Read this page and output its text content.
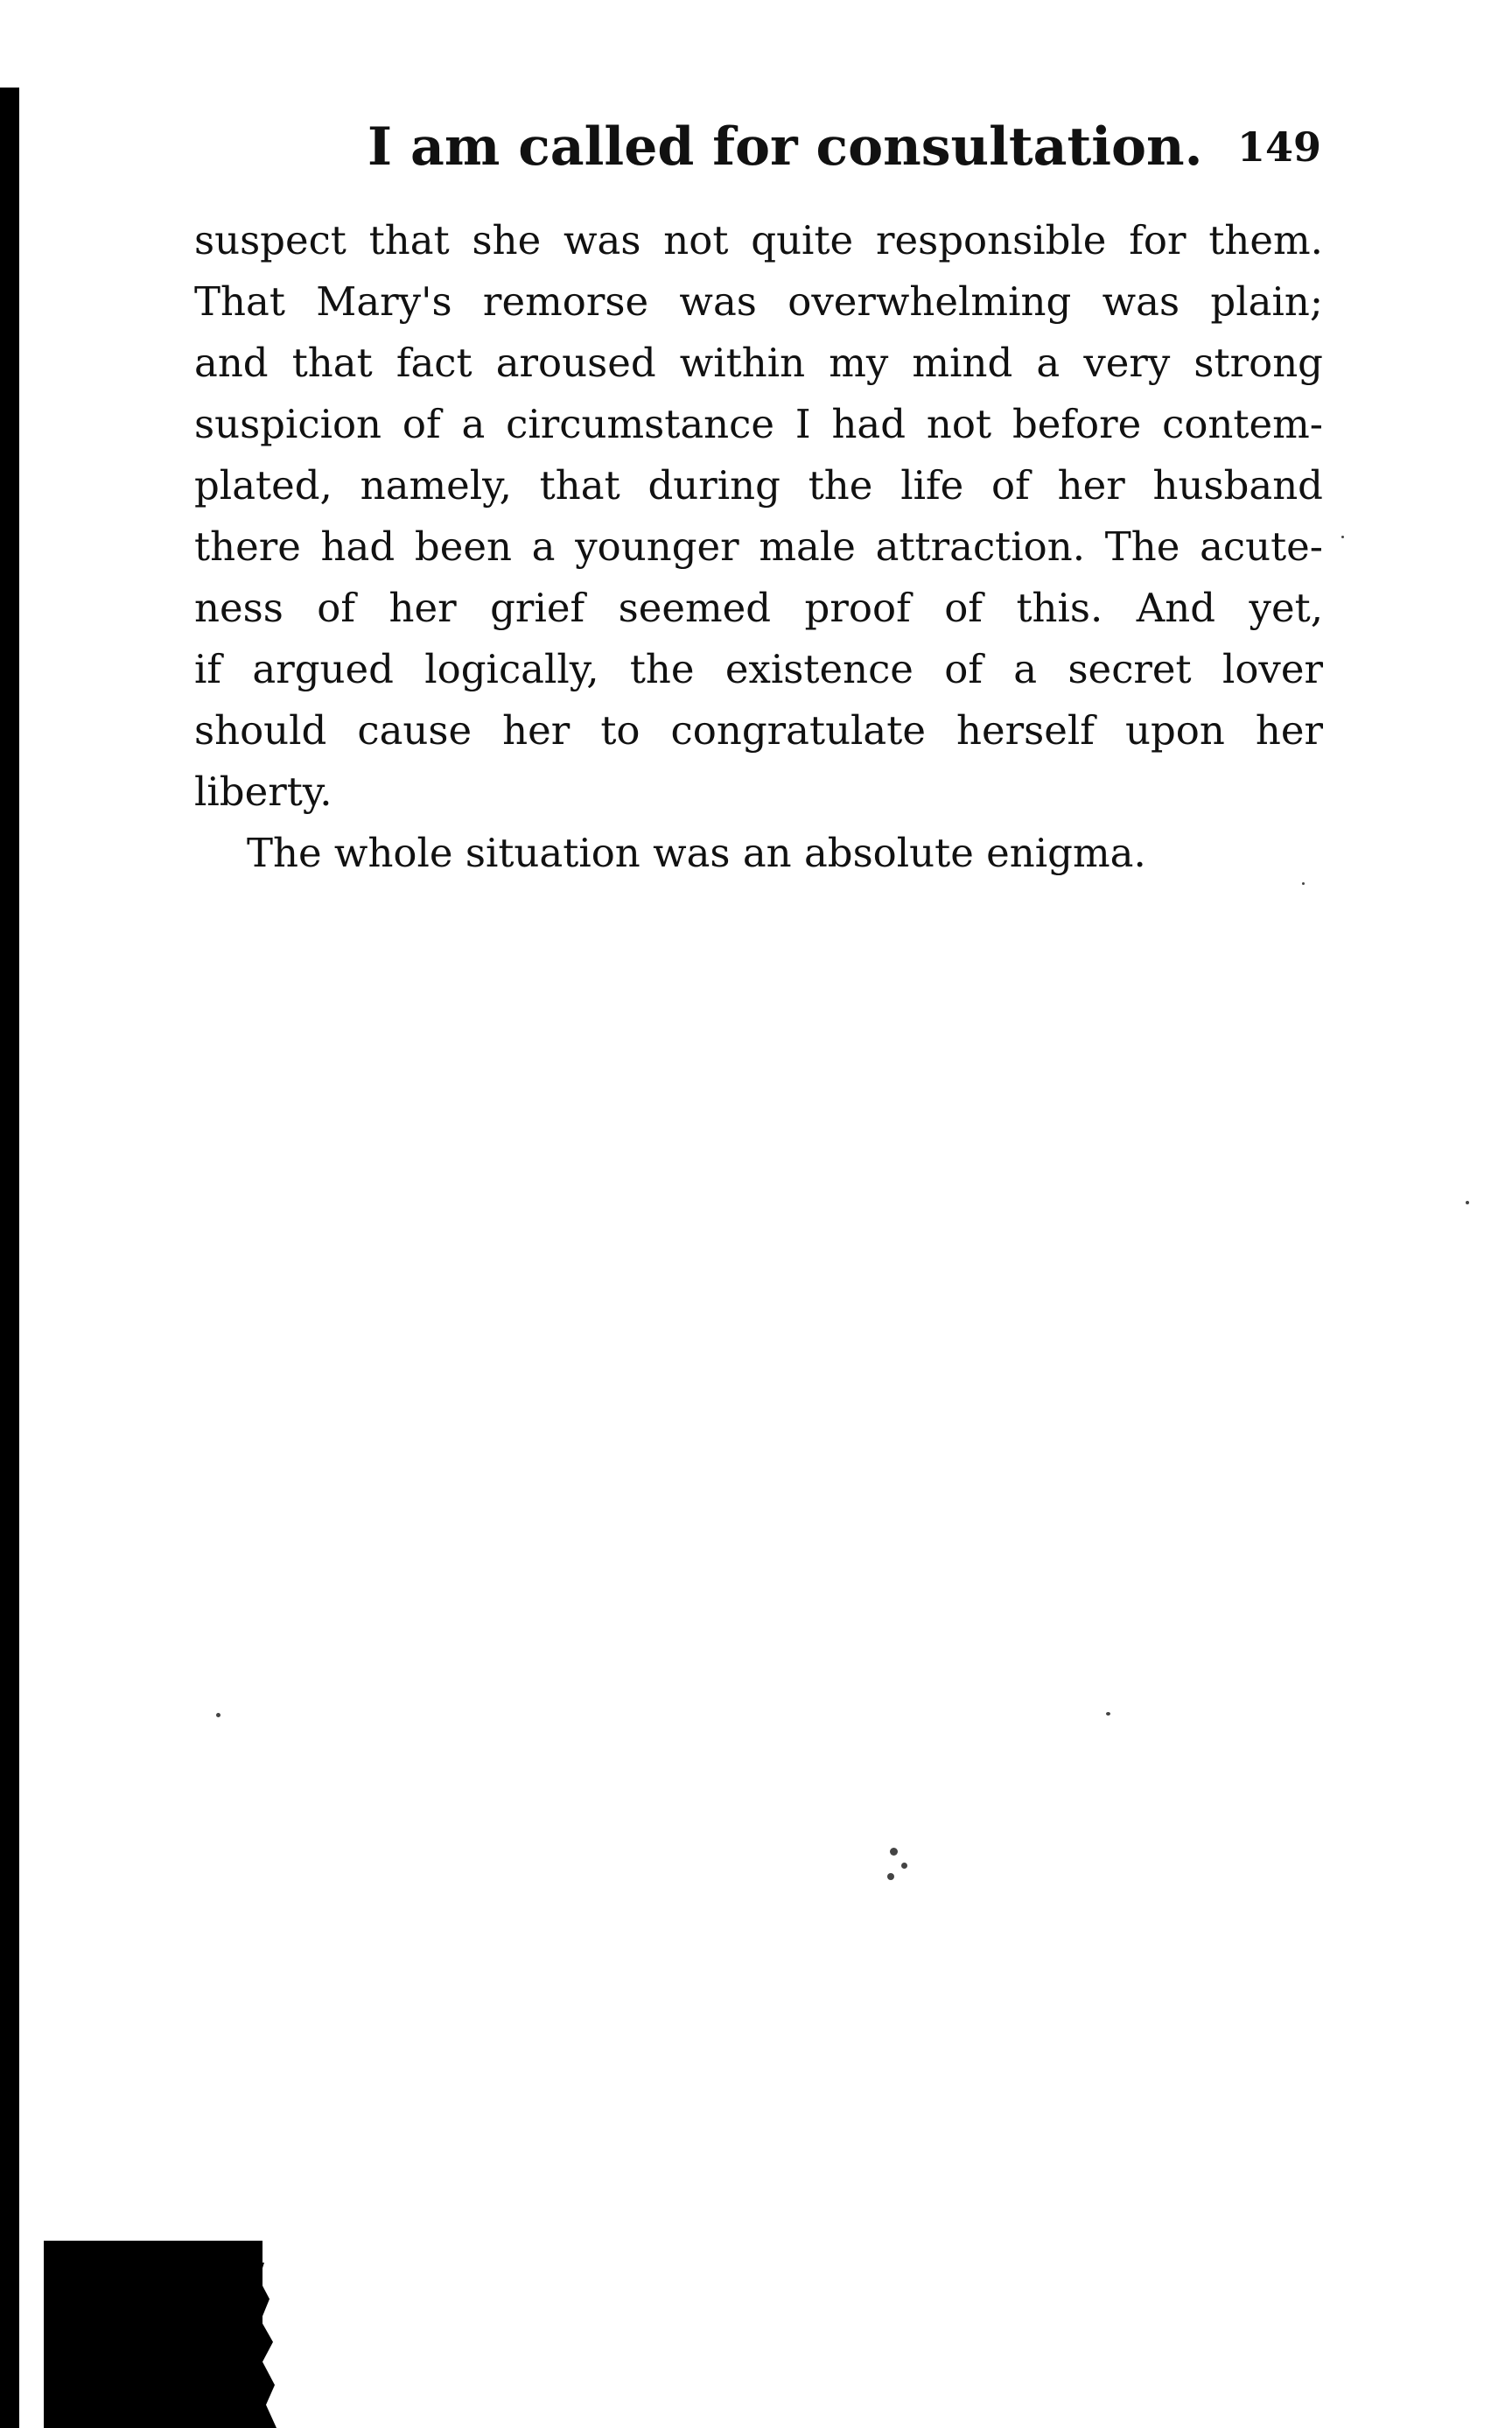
I am called for consultation. 149
suspect that she was not quite responsible for them.
That Mary's remorse was overwhelming was plain;
and that fact aroused within my mind a very strong
suspicion of a circumstance I had not before contem-
plated, namely, that during the life of her husband
there had been a younger male attraction. The acute-
ness of her grief seemed proof of this. And yet,
if argued logically, the existence of a secret lover
should cause her to congratulate herself upon her
liberty.
The whole situation was an absolute enigma.
